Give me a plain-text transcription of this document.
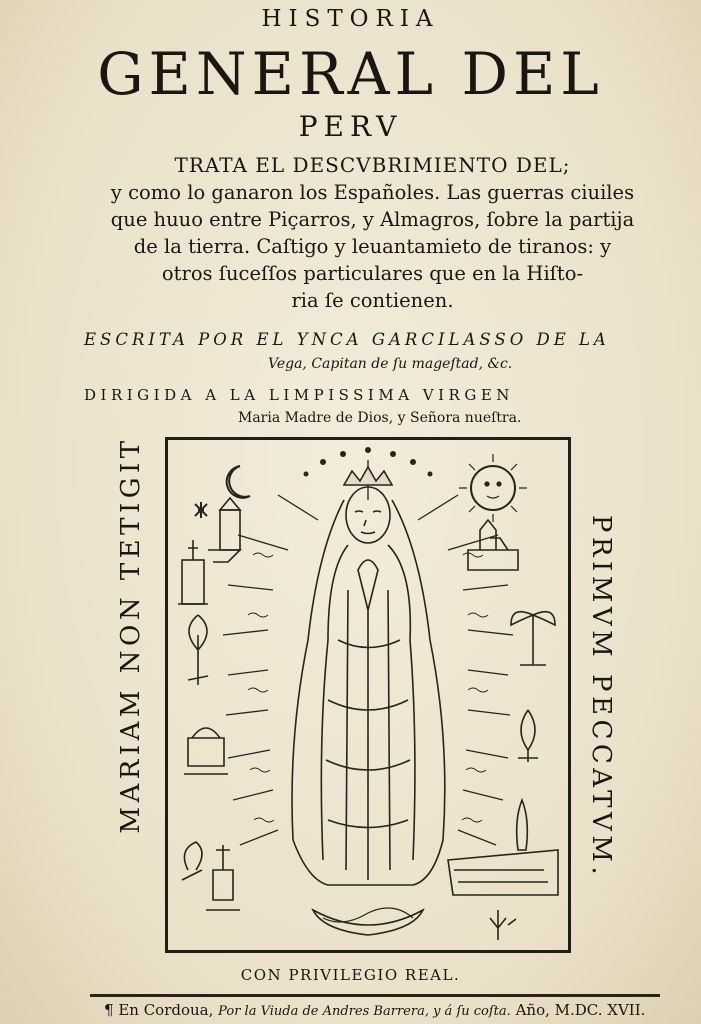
HISTORIA
GENERAL DEL
PERV
TRATA EL DESCVBRIMIENTO DEL;
y como lo ganaron los Españoles. Las guerras ciuiles
que huuo entre Piçarros, y Almagros, ſobre la partija
de la tierra. Caſtigo y leuantamieto de tiranos: y
otros ſuceſſos particulares que en la Hiſto-
ria ſe contienen.
ESCRITA POR EL YNCA GARCILASSO DE LA
Vega, Capitan de ſu mageſtad, &c.
DIRIGIDA A LA LIMPISSIMA VIRGEN
Maria Madre de Dios, y Señora nueſtra.
MARIAM NON TETIGIT	PRIMVM PECCATVM.
CON PRIVILEGIO REAL.
¶ En Cordoua, Por la Viuda de Andres Barrera, y á ſu coſta. Año, M.DC. XVII.
